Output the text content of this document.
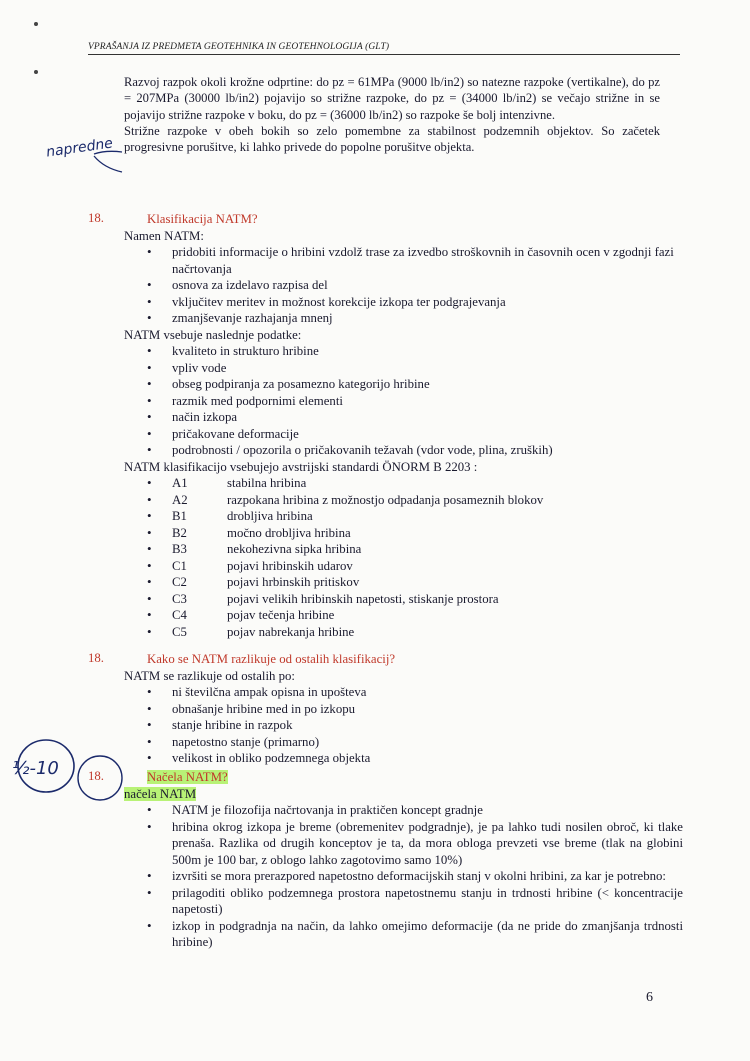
VPRAŠANJA IZ PREDMETA GEOTEHNIKA IN GEOTEHNOLOGIJA (GLT)

Razvoj razpok okoli krožne odprtine: do pz = 61MPa (9000 lb/in2) so natezne razpoke (vertikalne), do pz = 207MPa (30000 lb/in2) pojavijo so strižne razpoke, do pz = (34000 lb/in2) se večajo strižne in se pojavijo strižne razpoke v boku, do pz = (36000 lb/in2) so razpoke še bolj intenzivne.

Strižne razpoke v obeh bokih so zelo pomembne za stabilnost podzemnih objektov. So začetek progresivne porušitve, ki lahko privede do popolne porušitve objekta.

napredne
18.	Klasifikacija NATM?
Namen NATM:
• pridobiti informacije o hribini vzdolž trase za izvedbo stroškovnih in časovnih ocen v zgodnji fazi načrtovanja
• osnova za izdelavo razpisa del
• vključitev meritev in možnost korekcije izkopa ter podgrajevanja
• zmanjševanje razhajanja mnenj
NATM vsebuje naslednje podatke:
• kvaliteto in strukturo hribine
• vpliv vode
• obseg podpiranja za posamezno kategorijo hribine
• razmik med podpornimi elementi
• način izkopa
• pričakovane deformacije
• podrobnosti / opozorila o pričakovanih težavah (vdor vode, plina, zruških)
NATM klasifikacijo vsebujejo avstrijski standardi ÖNORM B 2203 :
• A1	stabilna hribina
• A2	razpokana hribina z možnostjo odpadanja posameznih blokov
• B1	drobljiva hribina
• B2	močno drobljiva hribina
• B3	nekohezivna sipka hribina
• C1	pojavi hribinskih udarov
• C2	pojavi hrbinskih pritiskov
• C3	pojavi velikih hribinskih napetosti, stiskanje prostora
• C4	pojav tečenja hribine
• C5	pojav nabrekanja hribine
18.	Kako se NATM razlikuje od ostalih klasifikacij?
NATM se razlikuje od ostalih po:
• ni številčna ampak opisna in upošteva
• obnašanje hribine med in po izkopu
• stanje hribine in razpok
• napetostno stanje (primarno)
• velikost in obliko podzemnega objekta
½-10 18.	Načela NATM?
načela NATM
• NATM je filozofija načrtovanja in praktičen koncept gradnje
• hribina okrog izkopa je breme (obremenitev podgradnje), je pa lahko tudi nosilen obroč, ki tlake prenaša. Razlika od drugih konceptov je ta, da mora obloga prevzeti vse breme (tlak na globini 500m je 100 bar, z oblogo lahko zagotovimo samo 10%)
• izvršiti se mora prerazpored napetostno deformacijskih stanj v okolni hribini, za kar je potrebno:
• prilagoditi obliko podzemnega prostora napetostnemu stanju in trdnosti hribine (< koncentracije napetosti)
• izkop in podgradnja na način, da lahko omejimo deformacije (da ne pride do zmanjšanja trdnosti hribine)
6
